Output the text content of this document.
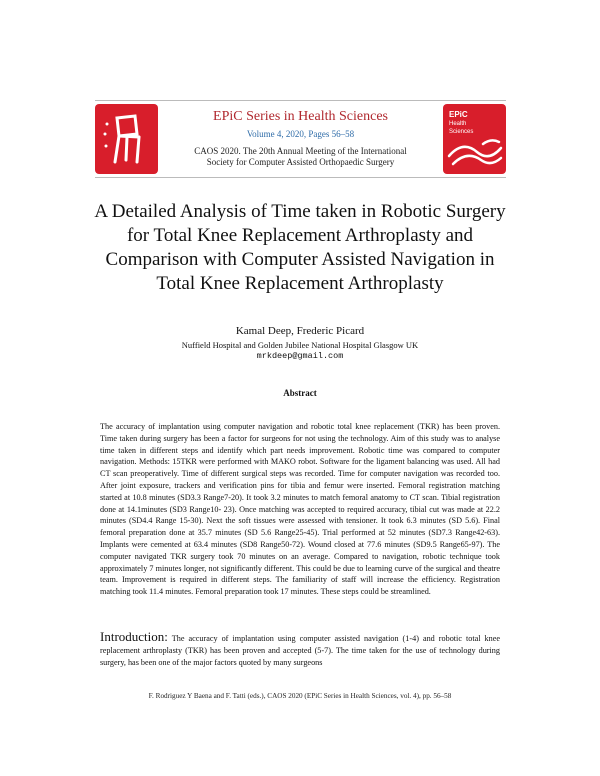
EPiC Series in Health Sciences
Volume 4, 2020, Pages 56–58
CAOS 2020. The 20th Annual Meeting of the International
Society for Computer Assisted Orthopaedic Surgery
EPiC
Health
Sciences
A Detailed Analysis of Time taken in Robotic Surgery for Total Knee Replacement Arthroplasty and Comparison with Computer Assisted Navigation in Total Knee Replacement Arthroplasty
Kamal Deep, Frederic Picard
Nuffield Hospital and Golden Jubilee National Hospital Glasgow UK
mrkdeep@gmail.com
Abstract

The accuracy of implantation using computer navigation and robotic total knee replacement (TKR) has been proven. Time taken during surgery has been a factor for surgeons for not using the technology. Aim of this study was to analyse time taken in different steps and identify which part needs improvement. Robotic time was compared to computer navigation. Methods: 15TKR were performed with MAKO robot. Software for the ligament balancing was used. All had CT scan preoperatively. Time of different surgical steps was recorded. Time for computer navigation was recorded too. After joint exposure, trackers and verification pins for tibia and femur were inserted. Femoral registration matching started at 10.8 minutes (SD3.3 Range7-20). It took 3.2 minutes to match femoral anatomy to CT scan. Tibial registration done at 14.1minutes (SD3 Range10- 23). Once matching was accepted to required accuracy, tibial cut was made at 22.2 minutes (SD4.4 Range 15-30). Next the soft tissues were assessed with tensioner. It took 6.3 minutes (SD 5.6). Final femoral preparation done at 35.7 minutes (SD 5.6 Range25-45). Trial performed at 52 minutes (SD7.3 Range42-63). Implants were cemented at 63.4 minutes (SD8 Range50-72). Wound closed at 77.6 minutes (SD9.5 Range65-97). The computer navigated TKR surgery took 70 minutes on an average. Compared to navigation, robotic technique took approximately 7 minutes longer, not significantly different. This could be due to learning curve of the surgical and theatre team. Improvement is required in different steps. The familiarity of staff will increase the efficiency. Registration matching took 11.4 minutes. Femoral preparation took 17 minutes. These steps could be streamlined.

Introduction: The accuracy of implantation using computer assisted navigation (1-4) and robotic total knee replacement arthroplasty (TKR) has been proven and accepted (5-7). The time taken for the use of technology during surgery, has been one of the major factors quoted by many surgeons
F. Rodriguez Y Baena and F. Tatti (eds.), CAOS 2020 (EPiC Series in Health Sciences, vol. 4), pp. 56–58
